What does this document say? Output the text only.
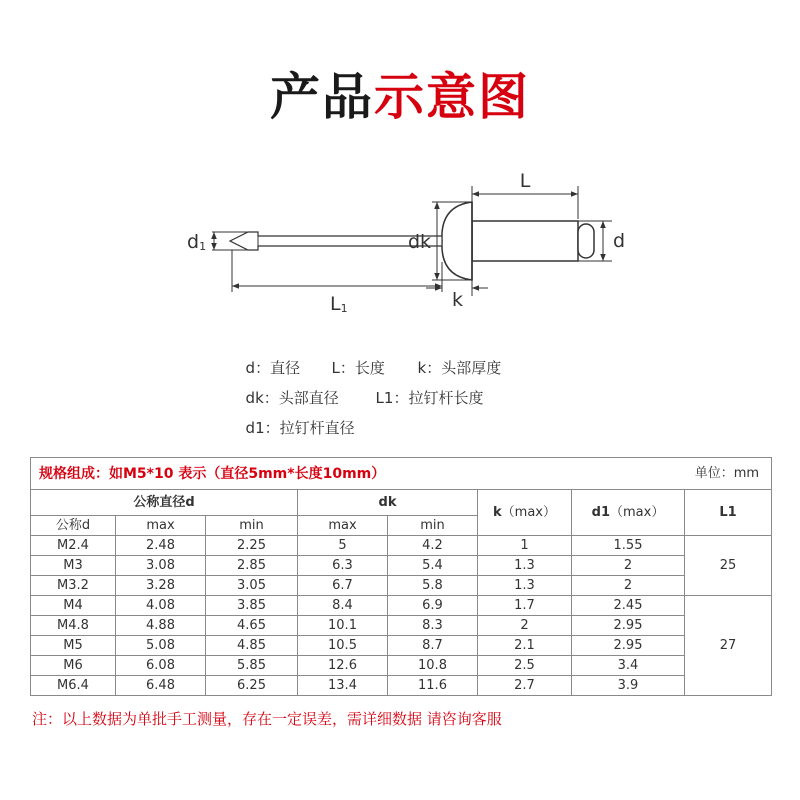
产品示意图
L
d
d1	dk
L1	k

d：直径 L：长度 k：头部厚度

dk：头部直径 L1：拉钉杆长度

d1：拉钉杆直径

规格组成：如M5*10 表示（直径5mm*长度10mm） 单位：mm							

公称直径d			dk		k（max）	d1（max）	L1
公称d	max	min	max	min			
M2.4	2.48	2.25	5	4.2	1	1.55	25
M3	3.08	2.85	6.3	5.4	1.3	2	
M3.2	3.28	3.05	6.7	5.8	1.3	2	
M4	4.08	3.85	8.4	6.9	1.7	2.45	27
M4.8	4.88	4.65	10.1	8.3	2	2.95	
M5	5.08	4.85	10.5	8.7	2.1	2.95	
M6	6.08	5.85	12.6	10.8	2.5	3.4	
M6.4	6.48	6.25	13.4	11.6	2.7	3.9	
注：以上数据为单批手工测量，存在一定误差，需详细数据 请咨询客服
